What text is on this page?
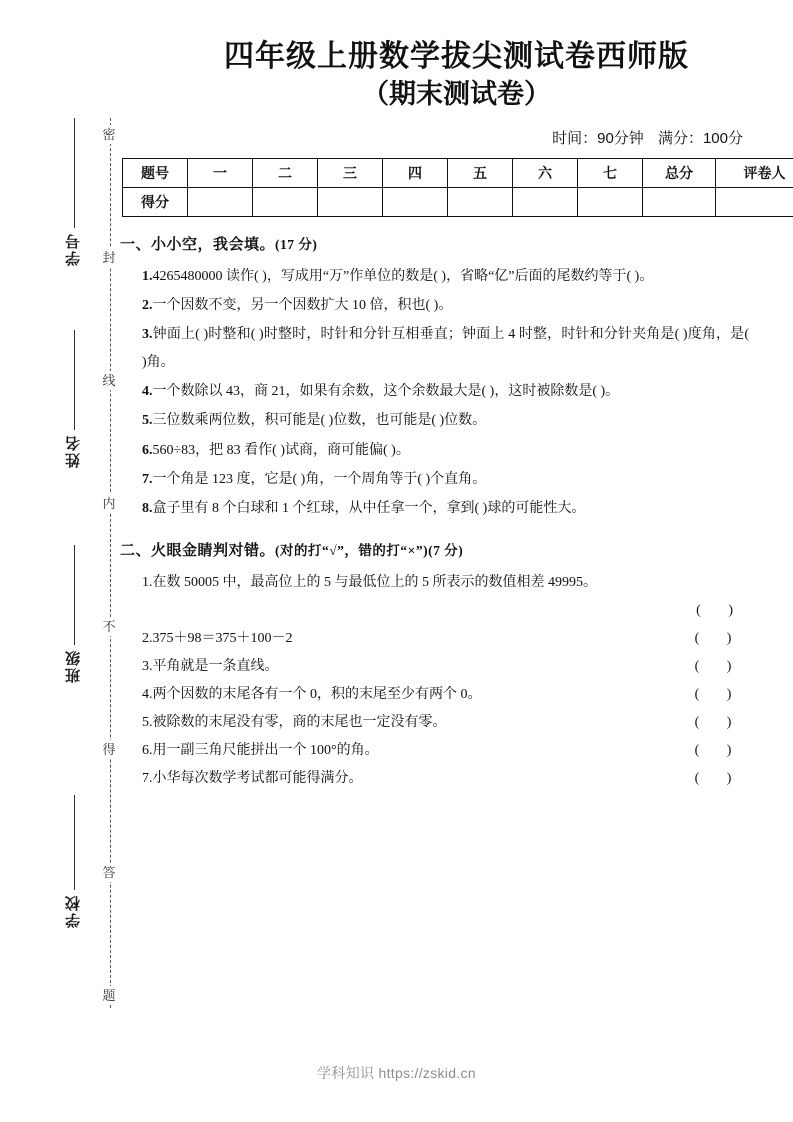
密
封
线
内
不
得
答
题
学号
姓名
班级
学校
四年级上册数学拔尖测试卷西师版
（期末测试卷）
时间：90分钟 满分：100分
题号	一	二	三	四	五	六	七	总分	评卷人
得分									
一、小小空，我会填。(17 分)

1.4265480000 读作( )，写成用“万”作单位的数是( )，省略“亿”后面的尾数约等于( )。

2.一个因数不变，另一个因数扩大 10 倍，积也( )。

3.钟面上( )时整和( )时整时，时针和分针互相垂直；钟面上 4 时整，时针和分针夹角是( )度角，是( )角。

4.一个数除以 43，商 21，如果有余数，这个余数最大是( )，这时被除数是( )。

5.三位数乘两位数，积可能是( )位数，也可能是( )位数。

6.560÷83，把 83 看作( )试商，商可能偏( )。

7.一个角是 123 度，它是( )角，一个周角等于( )个直角。

8.盒子里有 8 个白球和 1 个红球，从中任拿一个，拿到( )球的可能性大。

二、火眼金睛判对错。(对的打“√”，错的打“×”)(7 分)
1.在数 50005 中，最高位上的 5 与最低位上的 5 所表示的数值相差 49995。
( )
2.375＋98＝375＋100－2	( )
3.平角就是一条直线。	( )
4.两个因数的末尾各有一个 0，积的末尾至少有两个 0。	( )
5.被除数的末尾没有零，商的末尾也一定没有零。	( )
6.用一副三角尺能拼出一个 100°的角。	( )
7.小华每次数学考试都可能得满分。	( )
学科知识 https://zskid.cn
